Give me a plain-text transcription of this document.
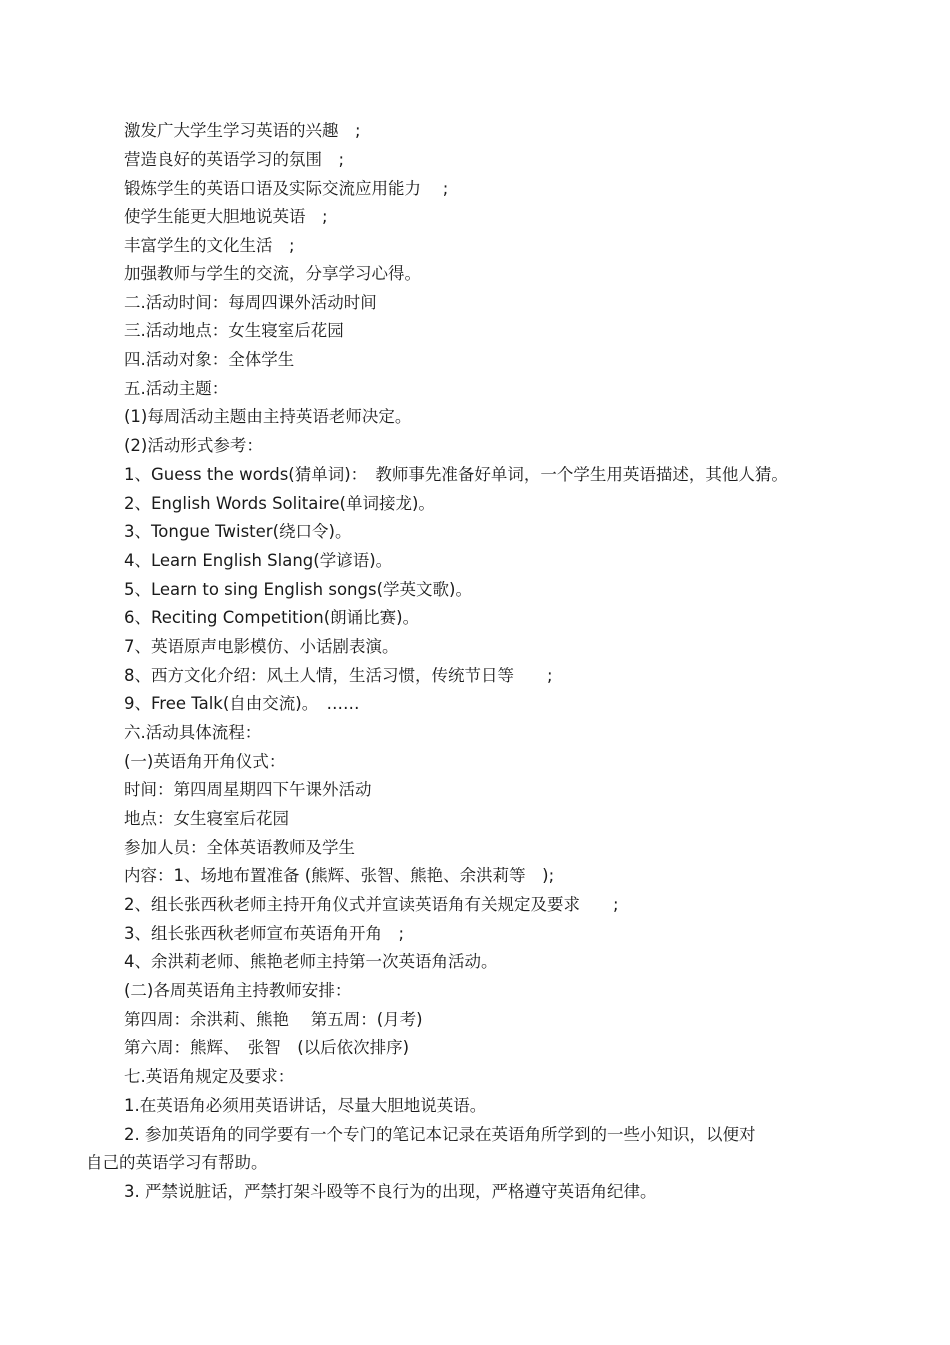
激发广大学生学习英语的兴趣　;
营造良好的英语学习的氛围　;
锻炼学生的英语口语及实际交流应用能力　 ;
使学生能更大胆地说英语　;
丰富学生的文化生活　;
加强教师与学生的交流，分享学习心得。
二.活动时间：每周四课外活动时间
三.活动地点：女生寝室后花园
四.活动对象：全体学生
五.活动主题：
(1)每周活动主题由主持英语老师决定。
(2)活动形式参考：
1、Guess the words(猜单词)：　教师事先准备好单词，一个学生用英语描述，其他人猜。
2、English Words Solitaire(单词接龙)。
3、Tongue Twister(绕口令)。
4、Learn English Slang(学谚语)。
5、Learn to sing English songs(学英文歌)。
6、Reciting Competition(朗诵比赛)。
7、英语原声电影模仿、小话剧表演。
8、西方文化介绍：风土人情，生活习惯，传统节日等　　;
9、Free Talk(自由交流)。　……
六.活动具体流程：
(一)英语角开角仪式：
时间：第四周星期四下午课外活动
地点：女生寝室后花园
参加人员：全体英语教师及学生
内容：1、场地布置准备 (熊辉、张智、熊艳、余洪莉等　);
2、组长张西秋老师主持开角仪式并宣读英语角有关规定及要求　　;
3、组长张西秋老师宣布英语角开角　;
4、余洪莉老师、熊艳老师主持第一次英语角活动。
(二)各周英语角主持教师安排：
第四周：余洪莉、熊艳　 第五周：(月考)
第六周：熊辉、　张智　(以后依次排序)
七.英语角规定及要求：
1.在英语角必须用英语讲话，尽量大胆地说英语。
2. 参加英语角的同学要有一个专门的笔记本记录在英语角所学到的一些小知识，以便对
自己的英语学习有帮助。
3. 严禁说脏话，严禁打架斗殴等不良行为的出现，严格遵守英语角纪律。
